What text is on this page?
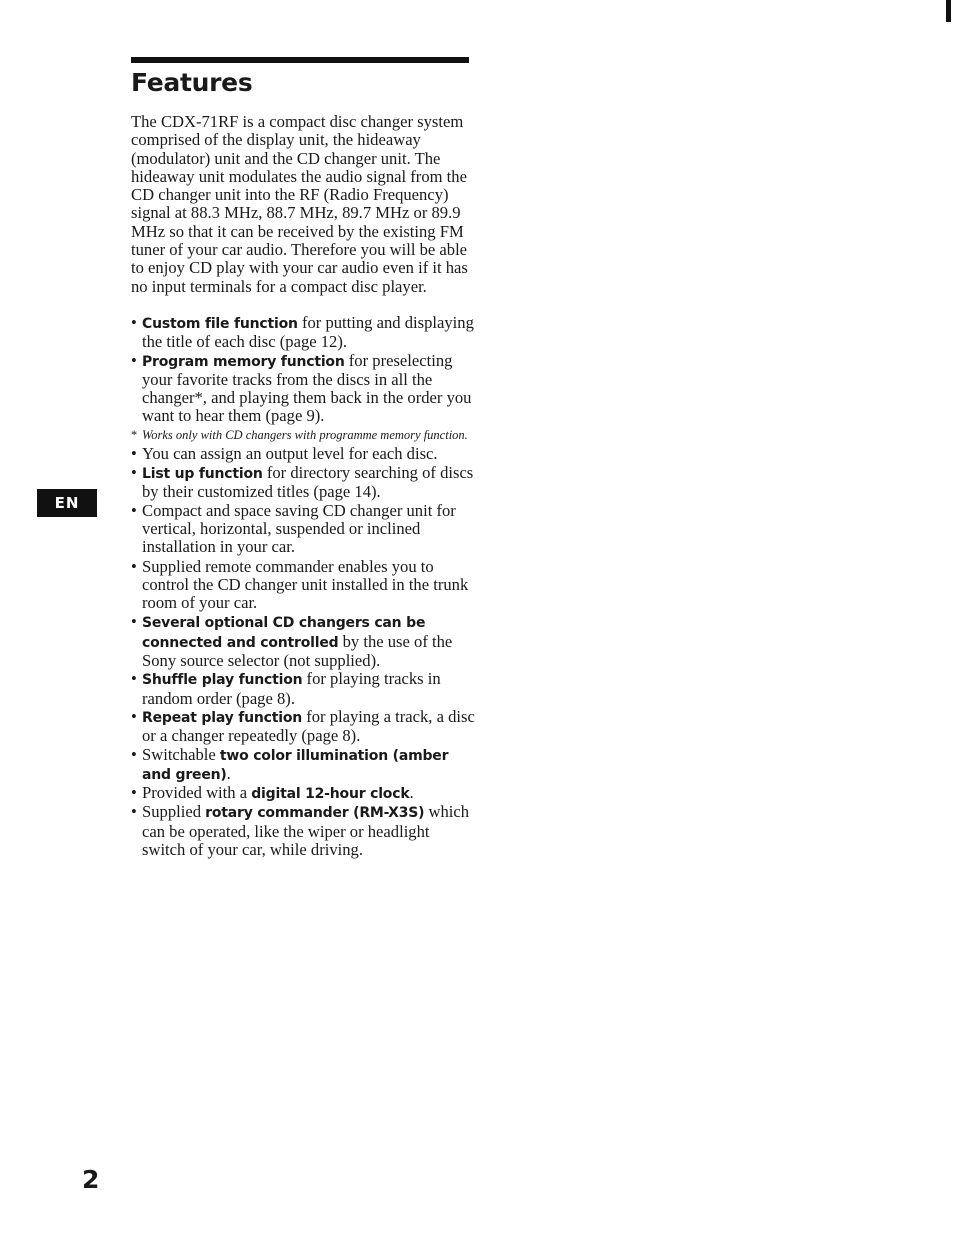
Features

The CDX-71RF is a compact disc changer system comprised of the display unit, the hideaway (modulator) unit and the CD changer unit. The hideaway unit modulates the audio signal from the CD changer unit into the RF (Radio Frequency) signal at 88.3 MHz, 88.7 MHz, 89.7 MHz or 89.9 MHz so that it can be received by the existing FM tuner of your car audio. Therefore you will be able to enjoy CD play with your car audio even if it has no input terminals for a compact disc player.

• Custom file function for putting and displaying the title of each disc (page 12).
• Program memory function for preselecting your favorite tracks from the discs in all the changer*, and playing them back in the order you want to hear them (page 9).
* Works only with CD changers with programme memory function.
• You can assign an output level for each disc.
• List up function for directory searching of discs by their customized titles (page 14).
• Compact and space saving CD changer unit for vertical, horizontal, suspended or inclined installation in your car.
• Supplied remote commander enables you to control the CD changer unit installed in the trunk room of your car.
• Several optional CD changers can be connected and controlled by the use of the Sony source selector (not supplied).
• Shuffle play function for playing tracks in random order (page 8).
• Repeat play function for playing a track, a disc or a changer repeatedly (page 8).
• Switchable two color illumination (amber and green).
• Provided with a digital 12-hour clock.
• Supplied rotary commander (RM-X3S) which can be operated, like the wiper or headlight switch of your car, while driving.
EN
2
